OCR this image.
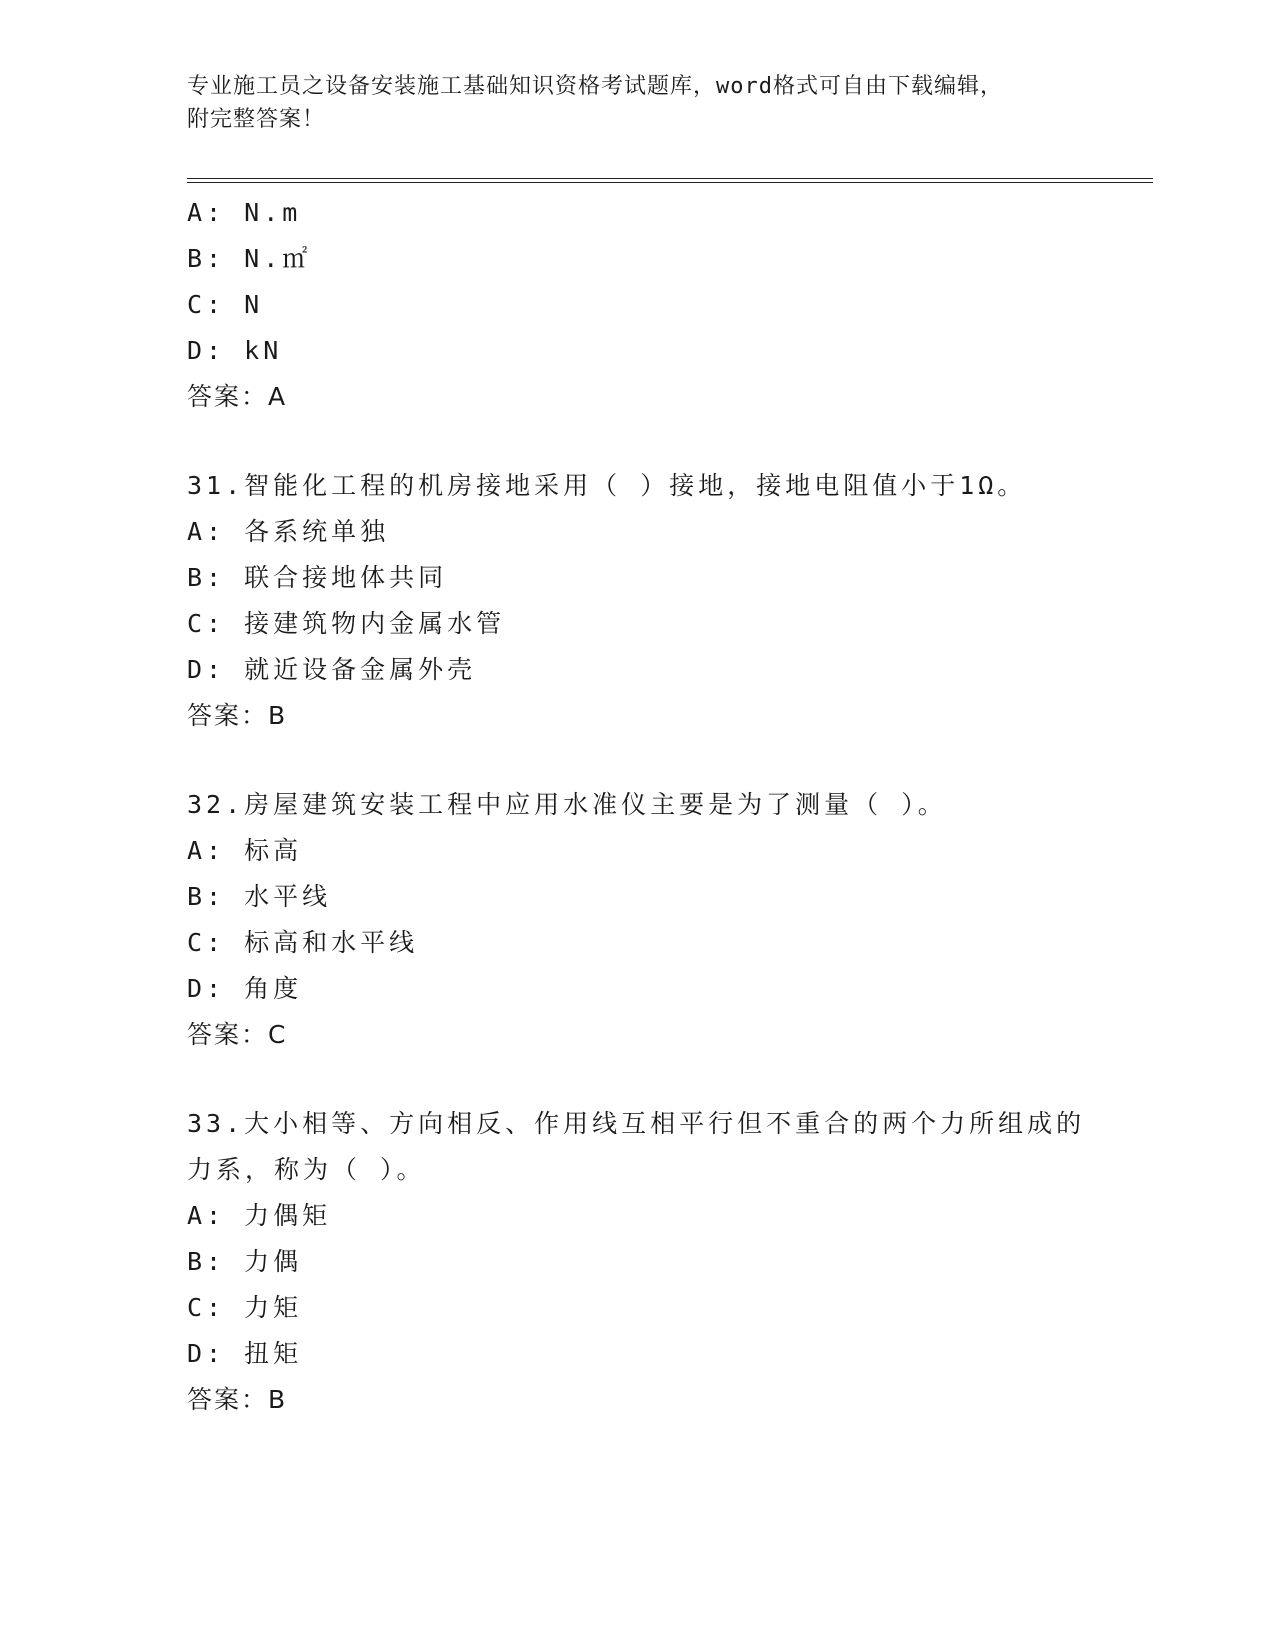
专业施工员之设备安装施工基础知识资格考试题库，word格式可自由下载编辑，
附完整答案！
A: N.m
B: N.㎡
C: N
D: kN
答案：A
31.智能化工程的机房接地采用（ ）接地，接地电阻值小于1Ω。
A: 各系统单独
B: 联合接地体共同
C: 接建筑物内金属水管
D: 就近设备金属外壳
答案：B
32.房屋建筑安装工程中应用水准仪主要是为了测量（ ）。
A: 标高
B: 水平线
C: 标高和水平线
D: 角度
答案：C
33.大小相等、方向相反、作用线互相平行但不重合的两个力所组成的
力系，称为（ ）。
A: 力偶矩
B: 力偶
C: 力矩
D: 扭矩
答案：B
